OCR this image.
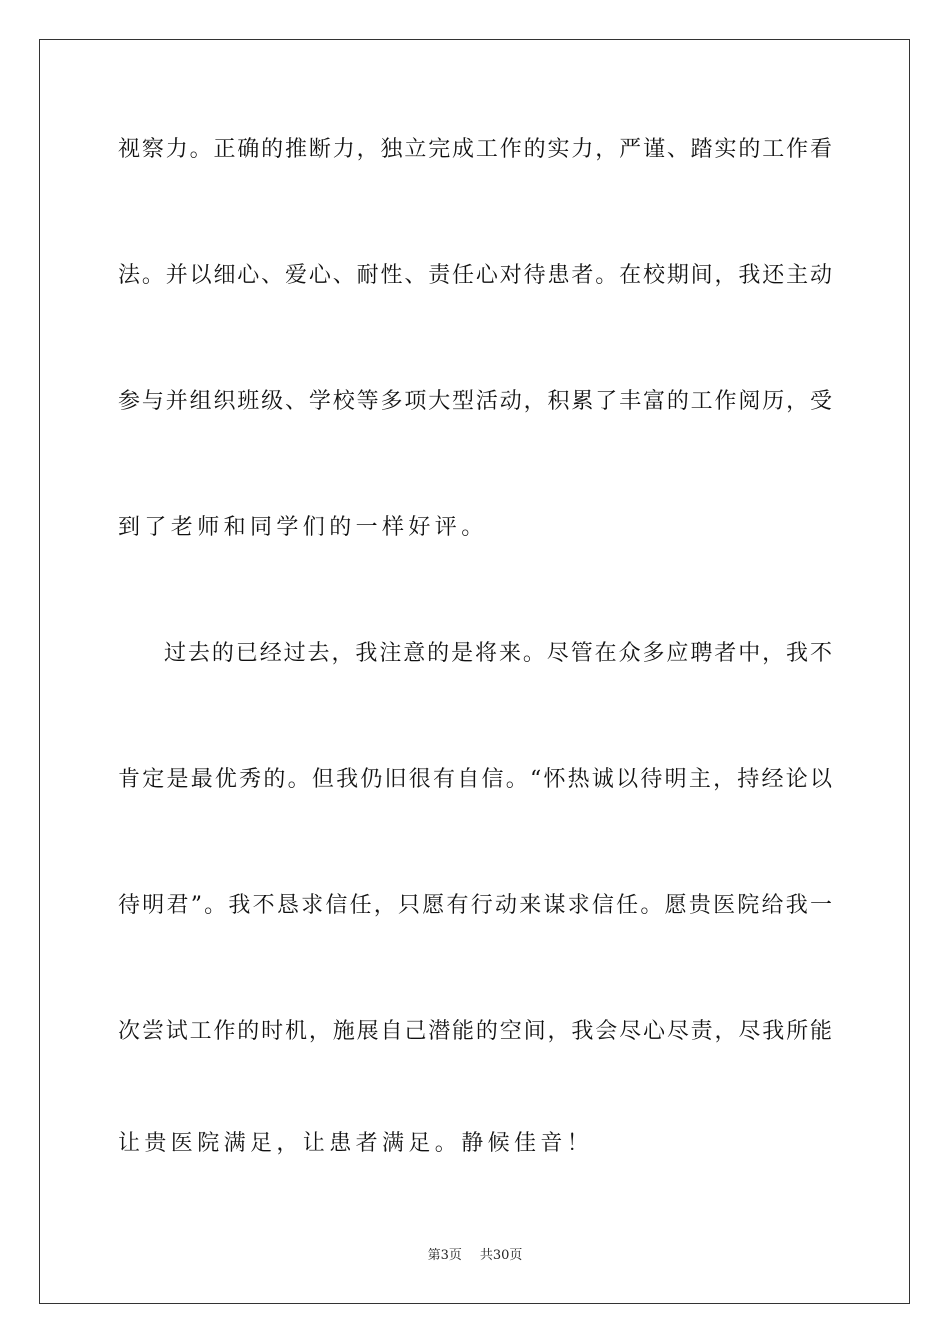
视察力。正确的推断力，独立完成工作的实力，严谨、踏实的工作看
法。并以细心、爱心、耐性、责任心对待患者。在校期间，我还主动
参与并组织班级、学校等多项大型活动，积累了丰富的工作阅历，受
到了老师和同学们的一样好评。
过去的已经过去，我注意的是将来。尽管在众多应聘者中，我不
肯定是最优秀的。但我仍旧很有自信。“怀热诚以待明主，持经论以
待明君”。我不恳求信任，只愿有行动来谋求信任。愿贵医院给我一
次尝试工作的时机，施展自己潜能的空间，我会尽心尽责，尽我所能
让贵医院满足，让患者满足。静候佳音！
第3页 共30页
